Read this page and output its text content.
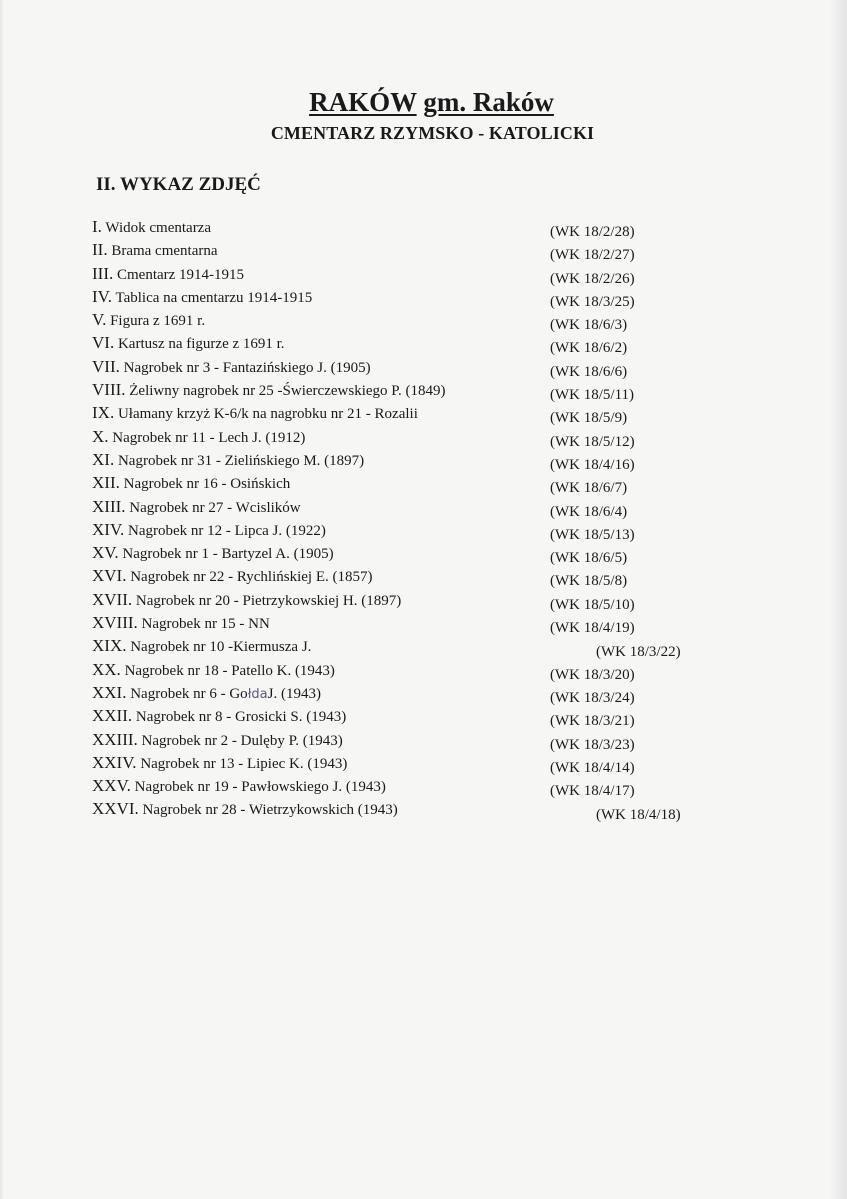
RAKÓW gm. Raków
CMENTARZ RZYMSKO - KATOLICKI
II. WYKAZ ZDJĘĆ
I. Widok cmentarza	(WK 18/2/28)
II. Brama cmentarna	(WK 18/2/27)
III. Cmentarz 1914-1915	(WK 18/2/26)
IV. Tablica na cmentarzu 1914-1915	(WK 18/3/25)
V. Figura z 1691 r.	(WK 18/6/3)
VI. Kartusz na figurze z 1691 r.	(WK 18/6/2)
VII. Nagrobek nr 3 - Fantazińskiego J. (1905)	(WK 18/6/6)
VIII. Żeliwny nagrobek nr 25 -Świerczewskiego P. (1849)	(WK 18/5/11)
IX. Ułamany krzyż K-6/k na nagrobku nr 21 - Rozalii	(WK 18/5/9)
X. Nagrobek nr 11 - Lech J. (1912)	(WK 18/5/12)
XI. Nagrobek nr 31 - Zielińskiego M. (1897)	(WK 18/4/16)
XII. Nagrobek nr 16 - Osińskich	(WK 18/6/7)
XIII. Nagrobek nr 27 - Wcislików	(WK 18/6/4)
XIV. Nagrobek nr 12 - Lipca J. (1922)	(WK 18/5/13)
XV. Nagrobek nr 1 - Bartyzel A. (1905)	(WK 18/6/5)
XVI. Nagrobek nr 22 - Rychlińskiej E. (1857)	(WK 18/5/8)
XVII. Nagrobek nr 20 - Pietrzykowskiej H. (1897)	(WK 18/5/10)
XVIII. Nagrobek nr 15 - NN	(WK 18/4/19)
XIX. Nagrobek nr 10 -Kiermusza J.	(WK 18/3/22)
XX. Nagrobek nr 18 - Patello K. (1943)	(WK 18/3/20)
XXI. Nagrobek nr 6 - GołdaJ. (1943)	(WK 18/3/24)
XXII. Nagrobek nr 8 - Grosicki S. (1943)	(WK 18/3/21)
XXIII. Nagrobek nr 2 - Dulęby P. (1943)	(WK 18/3/23)
XXIV. Nagrobek nr 13 - Lipiec K. (1943)	(WK 18/4/14)
XXV. Nagrobek nr 19 - Pawłowskiego J. (1943)	(WK 18/4/17)
XXVI. Nagrobek nr 28 - Wietrzykowskich (1943)	(WK 18/4/18)
